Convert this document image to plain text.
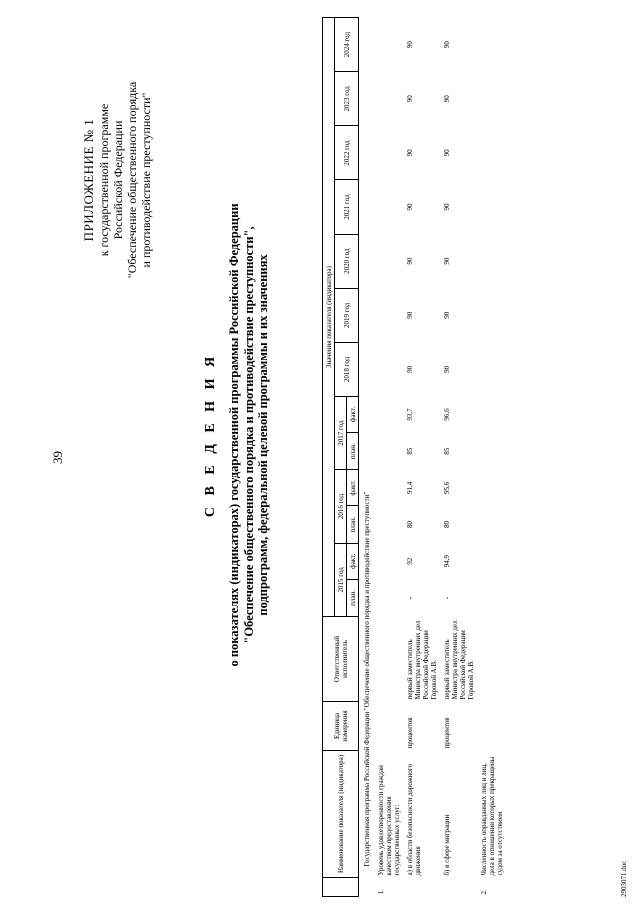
39
ПРИЛОЖЕНИЕ № 1 к государственной программе Российской Федерации "Обеспечение общественного порядка и противодействие преступности"
С В Е Д Е Н И Я о показателях (индикаторах) государственной программы Российской Федерации "Обеспечение общественного порядка и противодействие преступности", подпрограмм, федеральной целевой программы и их значениях
	Наименование показателя (индикатора)	Единица измерения	Ответственный исполнитель	Значения показателя (индикатора)												
				2015 год		2016 год		2017 год		2018 год	2019 год	2020 год	2021 год	2022 год	2023 год	2024 год
				план.	факт.	план.	факт.	план.	факт.							
Государственная программа Российской Федерации "Обеспечение общественного порядка и противодействие преступности"																
1.	Уровень удовлетворенности граждан качеством предоставления государственных услуг:															
	а) в области безопасности дорожного движения	процентов	первый заместитель Министра внутренних дел Российской Федерации Горовой А.В.	-	92	80	91,4	85	93,7	90	90	90	90	90	90	90
	б) в сфере миграции	процентов	первый заместитель Министра внутренних дел Российской Федерации Горовой А.В.	-	94,9	80	95,6	85	96,6	90	90	90	90	90	90	90
2.	Численность оправданных лиц и лиц, дела в отношении которых прекращены судом за отсутствием															
2903071.doc
